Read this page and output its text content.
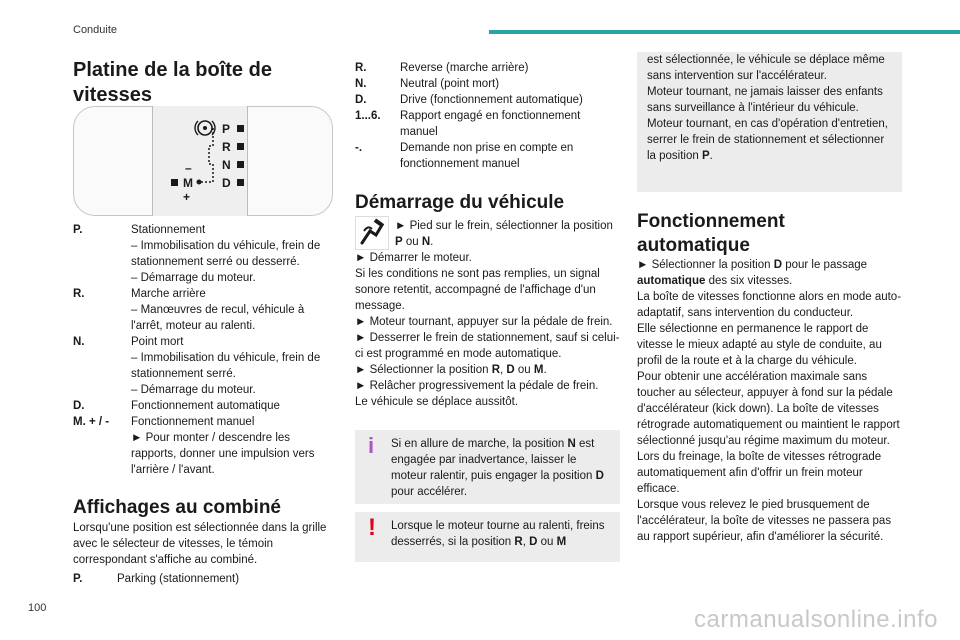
Conduite
Platine de la boîte de vitesses
P
R
N
D
M
–
+
P.	Stationnement
– Immobilisation du véhicule, frein de stationnement serré ou desserré.
– Démarrage du moteur.
R.	Marche arrière
– Manœuvres de recul, véhicule à l'arrêt, moteur au ralenti.
N.	Point mort
– Immobilisation du véhicule, frein de stationnement serré.
– Démarrage du moteur.
D.	Fonctionnement automatique
M. + / -	Fonctionnement manuel
► Pour monter / descendre les rapports, donner une impulsion vers l'arrière / l'avant.
Affichages au combiné
Lorsqu'une position est sélectionnée dans la grille avec le sélecteur de vitesses, le témoin correspondant s'affiche au combiné.
P.	Parking (stationnement)
R.	Reverse (marche arrière)
N.	Neutral (point mort)
D.	Drive (fonctionnement automatique)
1...6.	Rapport engagé en fonctionnement manuel
-.	Demande non prise en compte en fonctionnement manuel
Démarrage du véhicule
► Pied sur le frein, sélectionner la position P ou N.
► Démarrer le moteur.
Si les conditions ne sont pas remplies, un signal sonore retentit, accompagné de l'affichage d'un message.
► Moteur tournant, appuyer sur la pédale de frein.
► Desserrer le frein de stationnement, sauf si celui-ci est programmé en mode automatique.
► Sélectionner la position R, D ou M.
► Relâcher progressivement la pédale de frein.
Le véhicule se déplace aussitôt.
i	Si en allure de marche, la position N est engagée par inadvertance, laisser le moteur ralentir, puis engager la position D pour accélérer.
! Lorsque le moteur tourne au ralenti, freins desserrés, si la position R, D ou M
est sélectionnée, le véhicule se déplace même sans intervention sur l'accélérateur.
Moteur tournant, ne jamais laisser des enfants sans surveillance à l'intérieur du véhicule.
Moteur tournant, en cas d'opération d'entretien, serrer le frein de stationnement et sélectionner la position P.
Fonctionnement automatique
► Sélectionner la position D pour le passage automatique des six vitesses.
La boîte de vitesses fonctionne alors en mode auto-adaptatif, sans intervention du conducteur.
Elle sélectionne en permanence le rapport de vitesse le mieux adapté au style de conduite, au profil de la route et à la charge du véhicule.
Pour obtenir une accélération maximale sans toucher au sélecteur, appuyer à fond sur la pédale d'accélérateur (kick down). La boîte de vitesses rétrograde automatiquement ou maintient le rapport sélectionné jusqu'au régime maximum du moteur.
Lors du freinage, la boîte de vitesses rétrograde automatiquement afin d'offrir un frein moteur efficace.
Lorsque vous relevez le pied brusquement de l'accélérateur, la boîte de vitesses ne passera pas au rapport supérieur, afin d'améliorer la sécurité.
100	carmanualsonline.info
